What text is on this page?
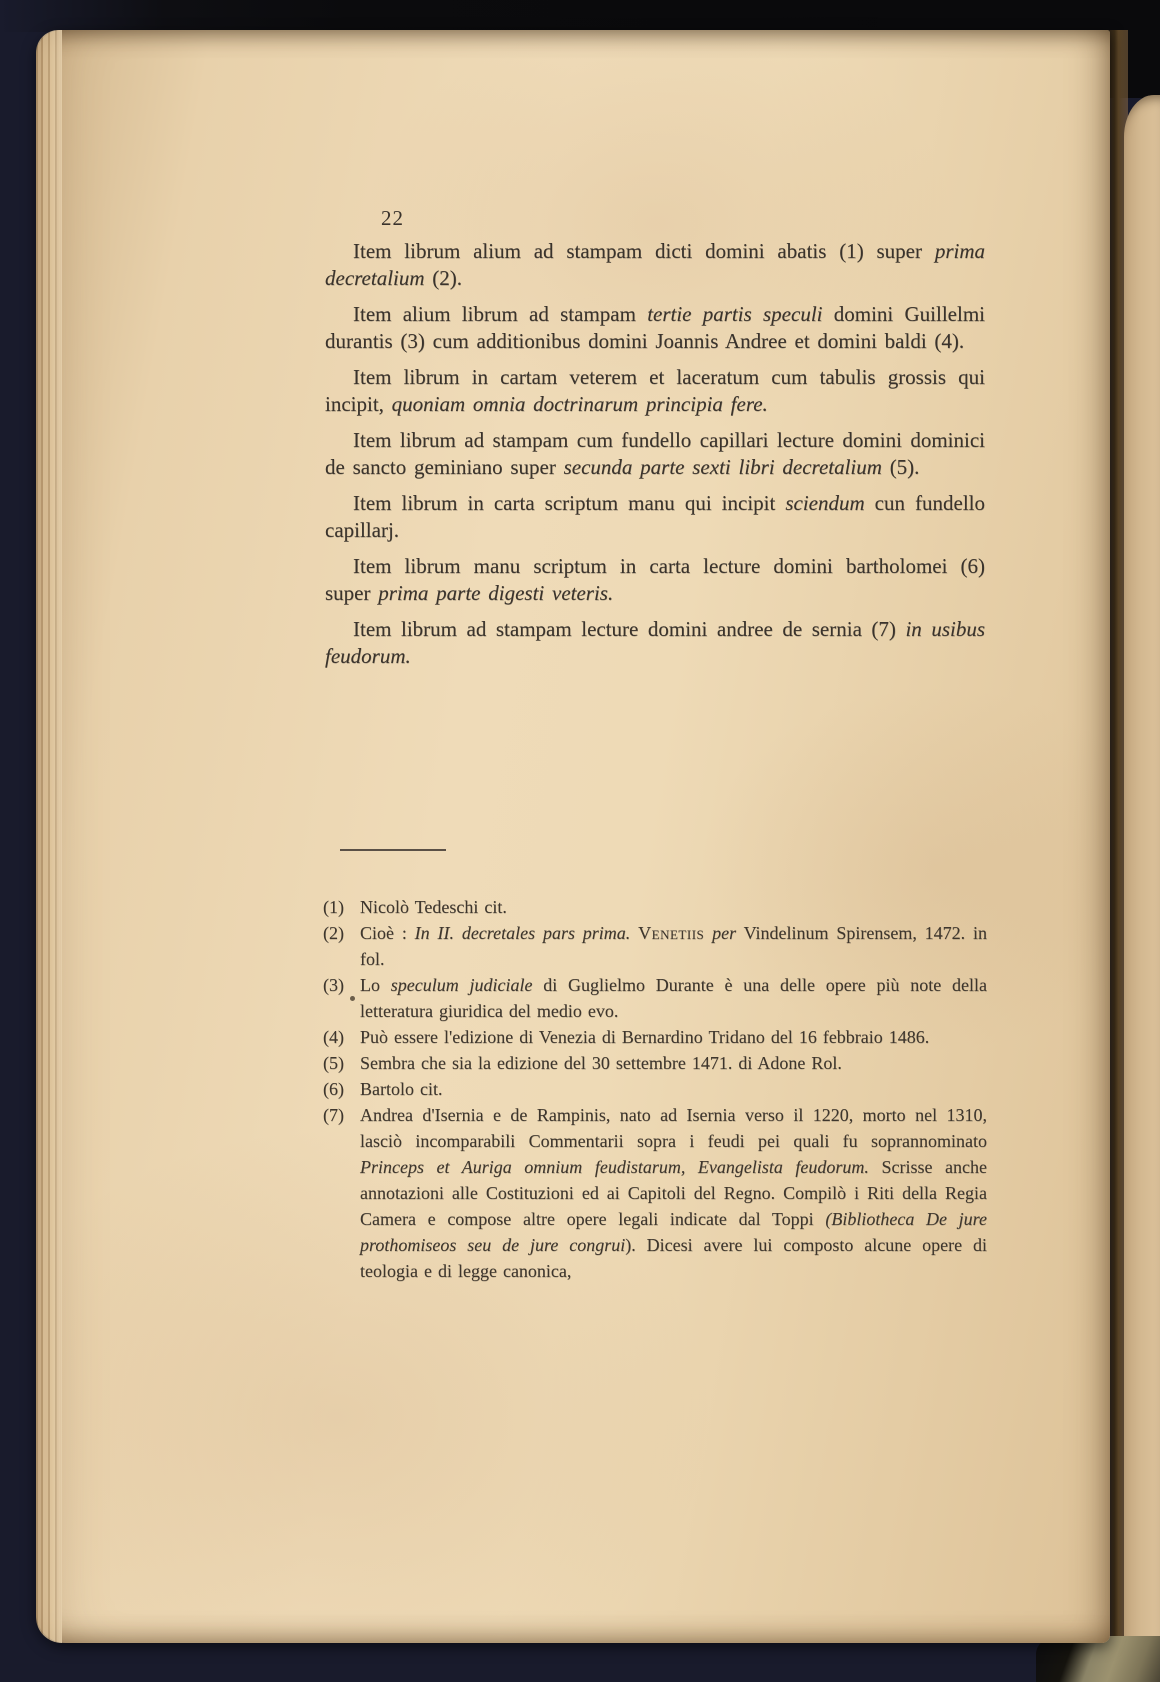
22
Item librum alium ad stampam dicti domini abatis (1) super prima decretalium (2).
Item alium librum ad stampam tertie partis speculi domini Guillelmi durantis (3) cum additionibus domini Joannis Andree et domini baldi (4).
Item librum in cartam veterem et laceratum cum tabulis grossis qui incipit, quoniam omnia doctrinarum principia fere.
Item librum ad stampam cum fundello capillari lecture domini dominici de sancto geminiano super secunda parte sexti libri decretalium (5).
Item librum in carta scriptum manu qui incipit sciendum cun fundello capillarj.
Item librum manu scriptum in carta lecture domini bartholomei (6) super prima parte digesti veteris.
Item librum ad stampam lecture domini andree de sernia (7) in usibus feudorum.
(1) Nicolò Tedeschi cit.
(2) Cioè : In II. decretales pars prima. Venetiis per Vindelinum Spirensem, 1472. in fol.
(3) Lo speculum judiciale di Guglielmo Durante è una delle opere più note della letteratura giuridica del medio evo.
(4) Può essere l'edizione di Venezia di Bernardino Tridano del 16 febbraio 1486.
(5) Sembra che sia la edizione del 30 settembre 1471. di Adone Rol.
(6) Bartolo cit.
(7) Andrea d'Isernia e de Rampinis, nato ad Isernia verso il 1220, morto nel 1310, lasciò incomparabili Commentarii sopra i feudi pei quali fu soprannominato Princeps et Auriga omnium feudistarum, Evangelista feudorum. Scrisse anche annotazioni alle Costituzioni ed ai Capitoli del Regno. Compilò i Riti della Regia Camera e compose altre opere legali indicate dal Toppi (Bibliotheca De jure prothomiseos seu de jure congrui). Dicesi avere lui composto alcune opere di teologia e di legge canonica,
